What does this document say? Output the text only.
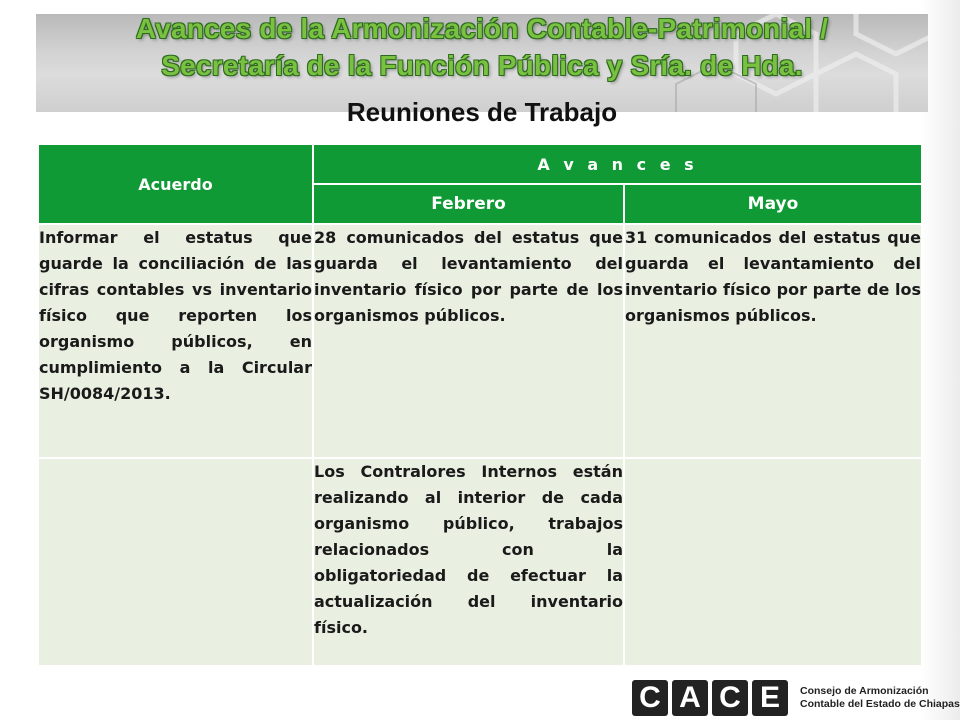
Avances de la Armonización Contable-Patrimonial /
Secretaría de la Función Pública y Sría. de Hda.
Reuniones de Trabajo
Acuerdo	A v a n c e s	
	Febrero	Mayo
Informar el estatus que guarde la conciliación de las cifras contables vs inventario físico que reporten los organismo públicos, en cumplimiento a la Circular SH/0084/2013.	28 comunicados del estatus que guarda el levantamiento del inventario físico por parte de los organismos públicos.	31 comunicados del estatus que guarda el levantamiento del inventario físico por parte de los organismos públicos.
	Los Contralores Internos están realizando al interior de cada organismo público, trabajos relacionados con la obligatoriedad de efectuar la actualización del inventario físico.	
C A C E	Consejo de Armonización
Contable del Estado de Chiapas
